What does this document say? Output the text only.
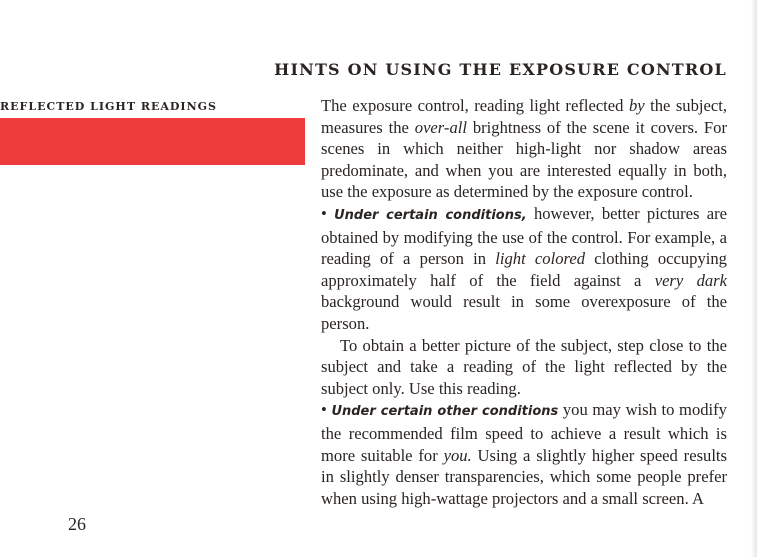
HINTS ON USING THE EXPOSURE CONTROL
REFLECTED LIGHT READINGS	The exposure control, reading light reflected by the subject, measures the over-all brightness of the scene it covers. For scenes in which neither high-light nor shadow areas predominate, and when you are interested equally in both, use the exposure as determined by the exposure control.

• Under certain conditions, however, better pictures are obtained by modifying the use of the control. For example, a reading of a person in light colored clothing occupying approximately half of the field against a very dark background would result in some overexposure of the person.

To obtain a better picture of the subject, step close to the subject and take a reading of the light reflected by the subject only. Use this reading.

• Under certain other conditions you may wish to modify the recommended film speed to achieve a result which is more suitable for you. Using a slightly higher speed results in slightly denser transparencies, which some people prefer when using high-wattage projectors and a small screen. A

26
